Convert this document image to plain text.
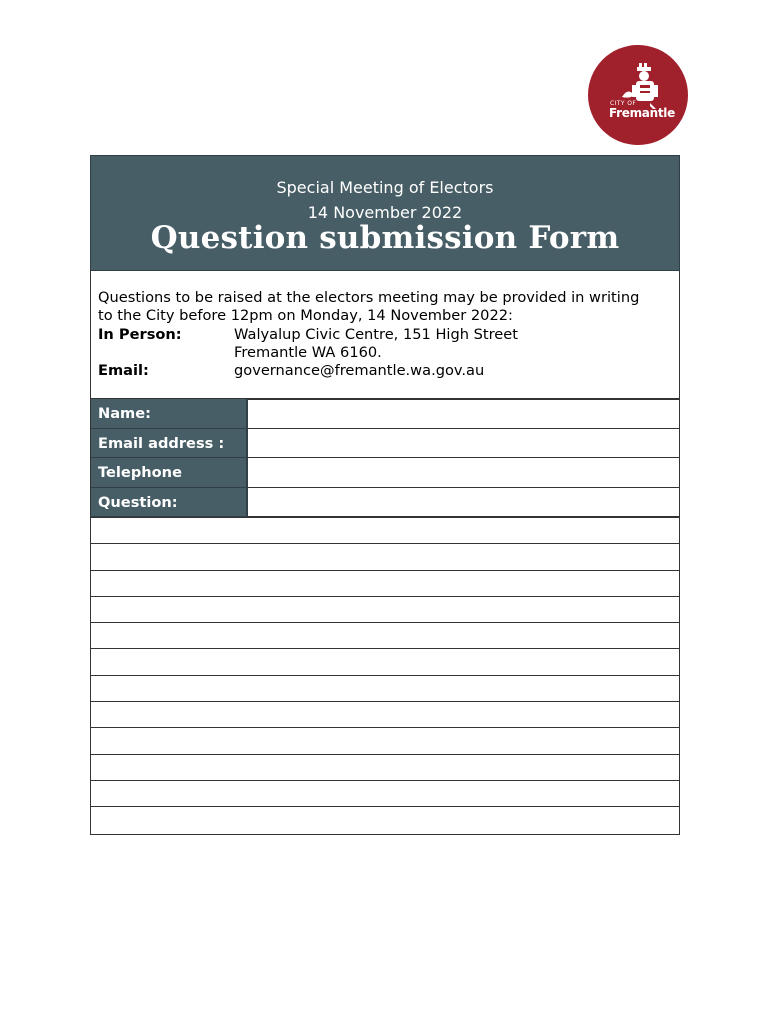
CITY OF
Fremantle
Special Meeting of Electors
14 November 2022
Question submission Form
Questions to be raised at the electors meeting may be provided in writing
to the City before 12pm on Monday, 14 November 2022:
In Person:	Walyalup Civic Centre, 151 High Street
Fremantle WA 6160.
Email:	governance@fremantle.wa.gov.au
Name:
Email address :
Telephone
Question:
